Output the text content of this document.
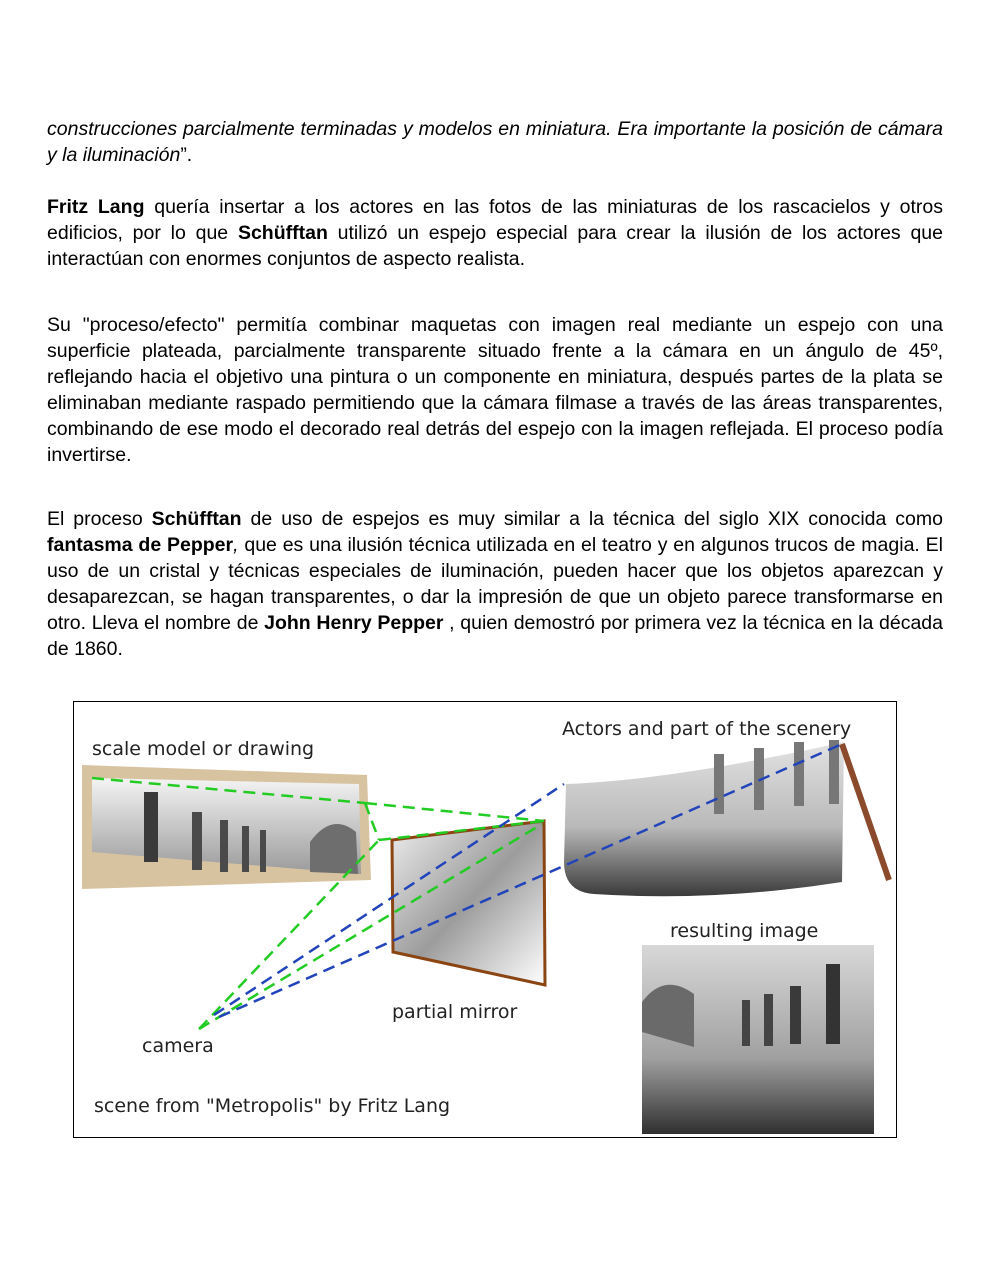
construcciones parcialmente terminadas y modelos en miniatura. Era importante la posición de cámara y la iluminación”.

Fritz Lang quería insertar a los actores en las fotos de las miniaturas de los rascacielos y otros edificios, por lo que Schüfftan utilizó un espejo especial para crear la ilusión de los actores que interactúan con enormes conjuntos de aspecto realista.

Su "proceso/efecto" permitía combinar maquetas con imagen real mediante un espejo con una superficie plateada, parcialmente transparente situado frente a la cámara en un ángulo de 45º, reflejando hacia el objetivo una pintura o un componente en miniatura, después partes de la plata se eliminaban mediante raspado permitiendo que la cámara filmase a través de las áreas transparentes, combinando de ese modo el decorado real detrás del espejo con la imagen reflejada. El proceso podía invertirse.

El proceso Schüfftan de uso de espejos es muy similar a la técnica del siglo XIX conocida como fantasma de Pepper, que es una ilusión técnica utilizada en el teatro y en algunos trucos de magia. El uso de un cristal y técnicas especiales de iluminación, pueden hacer que los objetos aparezcan y desaparezcan, se hagan transparentes, o dar la impresión de que un objeto parece transformarse en otro. Lleva el nombre de John Henry Pepper , quien demostró por primera vez la técnica en la década de 1860.

scale model or drawing
Actors and part of the scenery
resulting image
partial mirror
camera
scene from "Metropolis" by Fritz Lang
